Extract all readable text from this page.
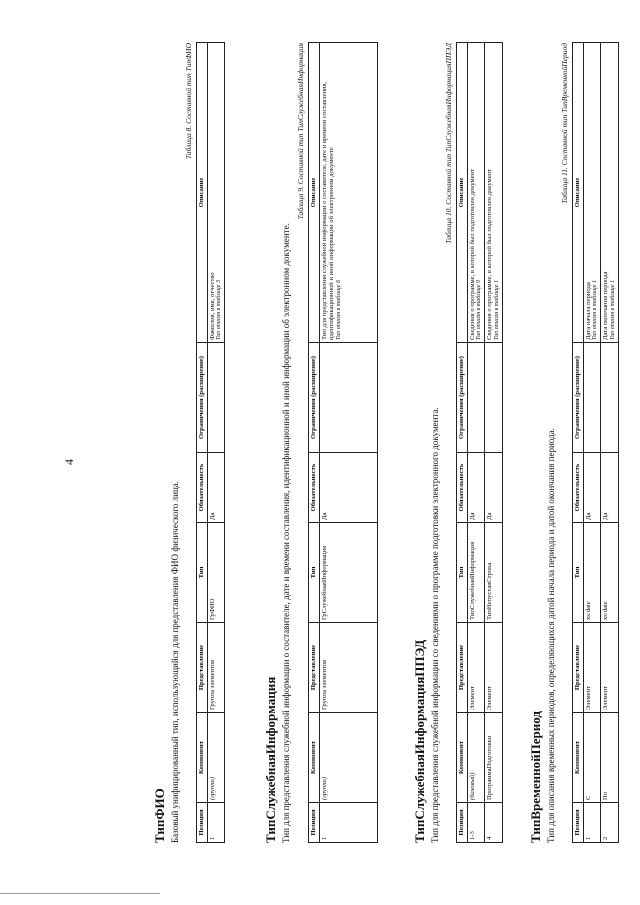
4
ТипФИО Базовый унифицированный тип, использующийся для представления ФИО физического лица.
Таблица 8. Составной тип ТипФИО
Позиция	Компонент	Представление	Тип	Обязательность	Ограничения (расширение)	Описание
1	(группа)	Группа элементов	ГрФИО	Да		Фамилия, имя, отчество Тип описан в таблице 3
ТипСлужебнаяИнформация Тип для представления служебной информации о составителе, дате и времени составления, идентификационной и иной информации об электронном документе.
Таблица 9. Составной тип ТипСлужебнаяИнформация
Позиция	Компонент	Представление	Тип	Обязательность	Ограничения (расширение)	Описание
1	(группа)	Группа элементов	ГрСлужебнаяИнформация	Да		Тип для представления служебной информации о составителе, дате и времени составления, идентификационной и иной информации об электронном документе Тип описан в таблице 6
ТипСлужебнаяИнформацияППЭД Тип для представления служебной информации со сведениями о программе подготовки электронного документа.
Таблица 10. Составной тип ТипСлужебнаяИнформацияППЭД
Позиция	Компонент	Представление	Тип	Обязательность	Ограничения (расширение)	Описание
1-3	(базовый)	Элемент	ТипСлужебнаяИнформация	Да		Сведения о программе, в которой был подготовлен документ Тип описан в таблице 9

4	ПрограммаПодготовки	Элемент	ТипНепустаяСтрока	Да		Сведения о программе, в которой был подготовлен документ Тип описан в таблице 1
ТипВременнойПериод Тип для описания временных периодов, определяющихся датой начала периода и датой окончания периода.
Таблица 11. Составной тип ТипВременнойПериод
Позиция	Компонент	Представление	Тип	Обязательность	Ограничения (расширение)	Описание
1	С	Элемент	xs:date	Да		Дата начала периода Тип описан в таблице 1

2	По	Элемент	xs:date	Да		Дата окончания периода Тип описан в таблице 1
